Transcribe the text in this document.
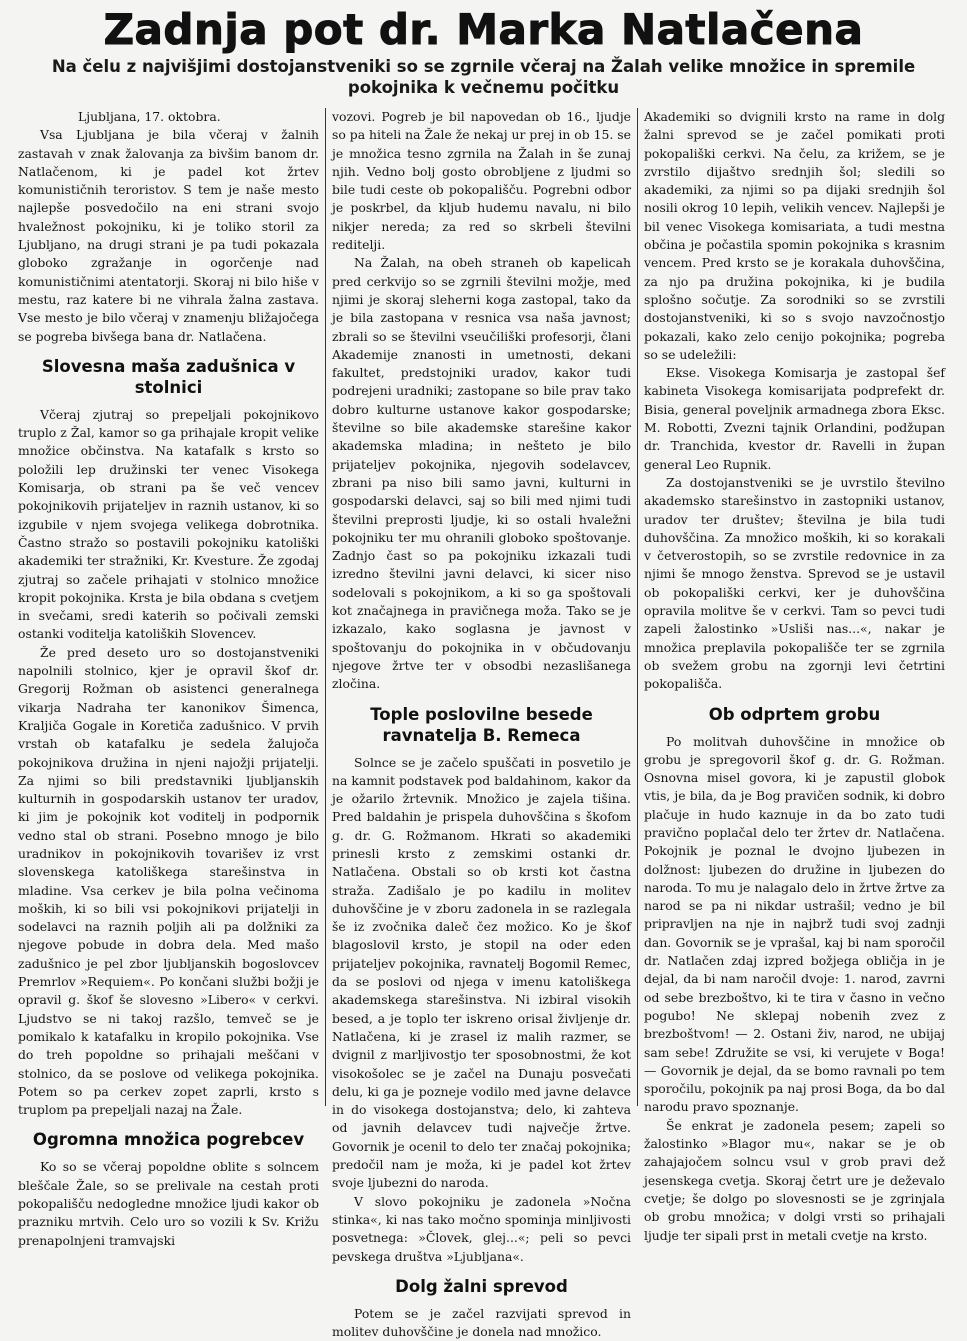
Zadnja pot dr. Marka Natlačena
Na čelu z najvišjimi dostojanstveniki so se zgrnile včeraj na Žalah velike množice in spremile pokojnika k večnemu počitku

Ljubljana, 17. oktobra.

Vsa Ljubljana je bila včeraj v žalnih zastavah v znak žalovanja za bivšim banom dr. Natlačenom, ki je padel kot žrtev komunističnih teroristov. S tem je naše mesto najlepše posvedočilo na eni strani svojo hvaležnost pokojniku, ki je toliko storil za Ljubljano, na drugi strani je pa tudi pokazala globoko zgražanje in ogorčenje nad komunističnimi atentatorji. Skoraj ni bilo hiše v mestu, raz katere bi ne vihrala žalna zastava. Vse mesto je bilo včeraj v znamenju bližajočega se pogreba bivšega bana dr. Natlačena.

Slovesna maša zadušnica v stolnici

Včeraj zjutraj so prepeljali pokojnikovo truplo z Žal, kamor so ga prihajale kropit velike množice občinstva. Na katafalk s krsto so položili lep družinski ter venec Visokega Komisarja, ob strani pa še več vencev pokojnikovih prijateljev in raznih ustanov, ki so izgubile v njem svojega velikega dobrotnika. Častno stražo so postavili pokojniku katoliški akademiki ter stražniki, Kr. Kvesture. Že zgodaj zjutraj so začele prihajati v stolnico množice kropit pokojnika. Krsta je bila obdana s cvetjem in svečami, sredi katerih so počivali zemski ostanki voditelja katoliških Slovencev.

Že pred deseto uro so dostojanstveniki napolnili stolnico, kjer je opravil škof dr. Gregorij Rožman ob asistenci generalnega vikarja Nadraha ter kanonikov Šimenca, Kraljiča Gogale in Koretiča zadušnico. V prvih vrstah ob katafalku je sedela žalujoča pokojnikova družina in njeni najožji prijatelji. Za njimi so bili predstavniki ljubljanskih kulturnih in gospodarskih ustanov ter uradov, ki jim je pokojnik kot voditelj in podpornik vedno stal ob strani. Posebno mnogo je bilo uradnikov in pokojnikovih tovarišev iz vrst slovenskega katoliškega starešinstva in mladine. Vsa cerkev je bila polna večinoma moških, ki so bili vsi pokojnikovi prijatelji in sodelavci na raznih poljih ali pa dolžniki za njegove pobude in dobra dela. Med mašo zadušnico je pel zbor ljubljanskih bogoslovcev Premrlov »Requiem«. Po končani službi božji je opravil g. škof še slovesno »Libero« v cerkvi. Ljudstvo se ni takoj razšlo, temveč se je pomikalo k katafalku in kropilo pokojnika. Vse do treh popoldne so prihajali meščani v stolnico, da se poslove od velikega pokojnika. Potem so pa cerkev zopet zaprli, krsto s truplom pa prepeljali nazaj na Žale.

Ogromna množica pogrebcev

Ko so se včeraj popoldne oblite s solncem bleščale Žale, so se prelivale na cestah proti pokopališču nedogledne množice ljudi kakor ob prazniku mrtvih. Celo uro so vozili k Sv. Križu prenapolnjeni tramvajski

vozovi. Pogreb je bil napovedan ob 16., ljudje so pa hiteli na Žale že nekaj ur prej in ob 15. se je množica tesno zgrnila na Žalah in še zunaj njih. Vedno bolj gosto obrobljene z ljudmi so bile tudi ceste ob pokopališču. Pogrebni odbor je poskrbel, da kljub hudemu navalu, ni bilo nikjer nereda; za red so skrbeli številni reditelji.

Na Žalah, na obeh straneh ob kapelicah pred cerkvijo so se zgrnili številni možje, med njimi je skoraj sleherni koga zastopal, tako da je bila zastopana v resnica vsa naša javnost; zbrali so se številni vseučiliški profesorji, člani Akademije znanosti in umetnosti, dekani fakultet, predstojniki uradov, kakor tudi podrejeni uradniki; zastopane so bile prav tako dobro kulturne ustanove kakor gospodarske; številne so bile akademske starešine kakor akademska mladina; in nešteto je bilo prijateljev pokojnika, njegovih sodelavcev, zbrani pa niso bili samo javni, kulturni in gospodarski delavci, saj so bili med njimi tudi številni preprosti ljudje, ki so ostali hvaležni pokojniku ter mu ohranili globoko spoštovanje. Zadnjo čast so pa pokojniku izkazali tudi izredno številni javni delavci, ki sicer niso sodelovali s pokojnikom, a ki so ga spoštovali kot značajnega in pravičnega moža. Tako se je izkazalo, kako soglasna je javnost v spoštovanju do pokojnika in v občudovanju njegove žrtve ter v obsodbi nezaslišanega zločina.

Tople poslovilne besede ravnatelja B. Remeca

Solnce se je začelo spuščati in posvetilo je na kamnit podstavek pod baldahinom, kakor da je ožarilo žrtevnik. Množico je zajela tišina. Pred baldahin je prispela duhovščina s škofom g. dr. G. Rožmanom. Hkrati so akademiki prinesli krsto z zemskimi ostanki dr. Natlačena. Obstali so ob krsti kot častna straža. Zadišalo je po kadilu in molitev duhovščine je v zboru zadonela in se razlegala še iz zvočnika daleč čez možico. Ko je škof blagoslovil krsto, je stopil na oder eden prijateljev pokojnika, ravnatelj Bogomil Remec, da se poslovi od njega v imenu katoliškega akademskega starešinstva. Ni izbiral visokih besed, a je toplo ter iskreno orisal življenje dr. Natlačena, ki je zrasel iz malih razmer, se dvignil z marljivostjo ter sposobnostmi, že kot visokošolec se je začel na Dunaju posvečati delu, ki ga je pozneje vodilo med javne delavce in do visokega dostojanstva; delo, ki zahteva od javnih delavcev tudi največje žrtve. Govornik je ocenil to delo ter značaj pokojnika; predočil nam je moža, ki je padel kot žrtev svoje ljubezni do naroda.

V slovo pokojniku je zadonela »Nočna stinka«, ki nas tako močno spominja minljivosti posvetnega: »Človek, glej...«; peli so pevci pevskega društva »Ljubljana«.

Dolg žalni sprevod

Potem se je začel razvijati sprevod in molitev duhovščine je donela nad množico.

Akademiki so dvignili krsto na rame in dolg žalni sprevod se je začel pomikati proti pokopališki cerkvi. Na čelu, za križem, se je zvrstilo dijaštvo srednjih šol; sledili so akademiki, za njimi so pa dijaki srednjih šol nosili okrog 10 lepih, velikih vencev. Najlepši je bil venec Visokega komisariata, a tudi mestna občina je počastila spomin pokojnika s krasnim vencem. Pred krsto se je korakala duhovščina, za njo pa družina pokojnika, ki je budila splošno sočutje. Za sorodniki so se zvrstili dostojanstveniki, ki so s svojo navzočnostjo pokazali, kako zelo cenijo pokojnika; pogreba so se udeležili:

Ekse. Visokega Komisarja je zastopal šef kabineta Visokega komisarijata podprefekt dr. Bisia, general poveljnik armadnega zbora Eksc. M. Robotti, Zvezni tajnik Orlandini, podžupan dr. Tranchida, kvestor dr. Ravelli in župan general Leo Rupnik.

Za dostojanstveniki se je uvrstilo številno akademsko starešinstvo in zastopniki ustanov, uradov ter društev; številna je bila tudi duhovščina. Za množico moških, ki so korakali v četverostopih, so se zvrstile redovnice in za njimi še mnogo ženstva. Sprevod se je ustavil ob pokopališki cerkvi, ker je duhovščina opravila molitve še v cerkvi. Tam so pevci tudi zapeli žalostinko »Usliši nas...«, nakar je množica preplavila pokopališče ter se zgrnila ob svežem grobu na zgornji levi četrtini pokopališča.

Ob odprtem grobu

Po molitvah duhovščine in množice ob grobu je spregovoril škof g. dr. G. Rožman. Osnovna misel govora, ki je zapustil globok vtis, je bila, da je Bog pravičen sodnik, ki dobro plačuje in hudo kaznuje in da bo zato tudi pravično poplačal delo ter žrtev dr. Natlačena. Pokojnik je poznal le dvojno ljubezen in dolžnost: ljubezen do družine in ljubezen do naroda. To mu je nalagalo delo in žrtve žrtve za narod se pa ni nikdar ustrašil; vedno je bil pripravljen na nje in najbrž tudi svoj zadnji dan. Govornik se je vprašal, kaj bi nam sporočil dr. Natlačen zdaj izpred božjega obličja in je dejal, da bi nam naročil dvoje: 1. narod, zavrni od sebe brezboštvo, ki te tira v časno in večno pogubo! Ne sklepaj nobenih zvez z brezboštvom! — 2. Ostani živ, narod, ne ubijaj sam sebe! Združite se vsi, ki verujete v Boga! — Govornik je dejal, da se bomo ravnali po tem sporočilu, pokojnik pa naj prosi Boga, da bo dal narodu pravo spoznanje.

Še enkrat je zadonela pesem; zapeli so žalostinko »Blagor mu«, nakar se je ob zahajajočem solncu vsul v grob pravi dež jesenskega cvetja. Skoraj četrt ure je deževalo cvetje; še dolgo po slovesnosti se je zgrinjala ob grobu množica; v dolgi vrsti so prihajali ljudje ter sipali prst in metali cvetje na krsto.
